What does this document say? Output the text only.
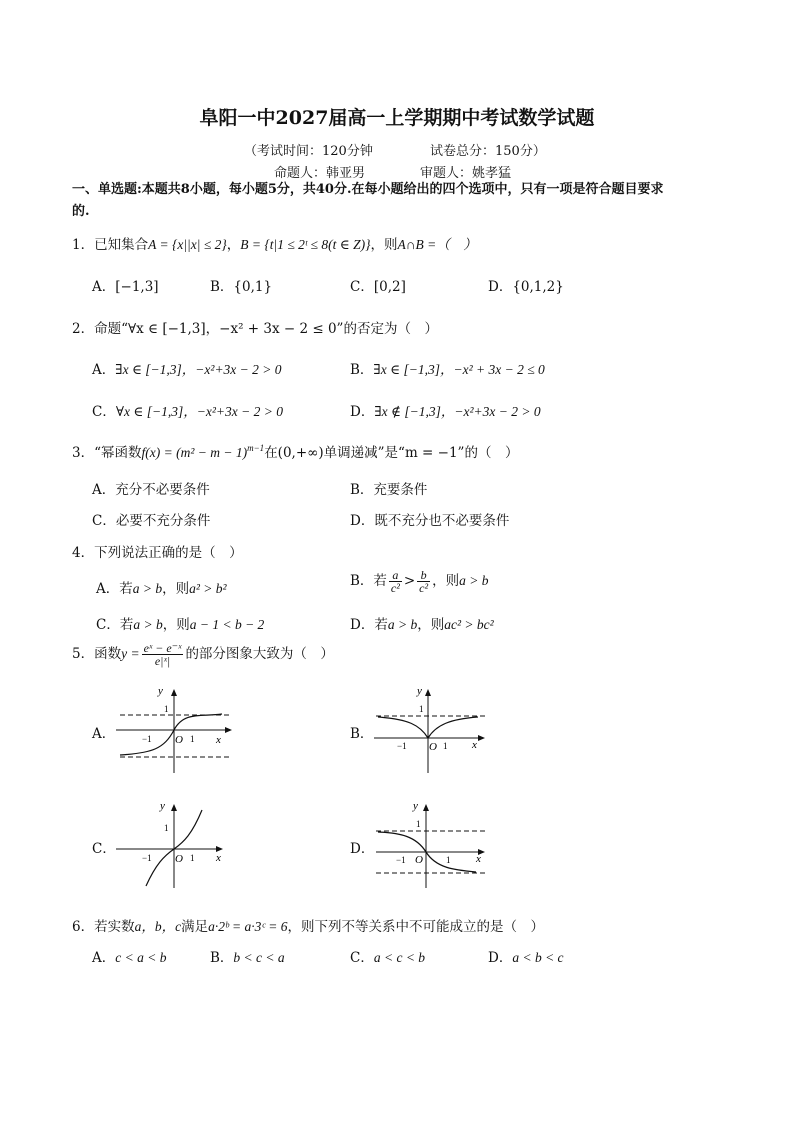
阜阳一中2027届高一上学期期中考试数学试题
（考试时间：120分钟	试卷总分：150分）
命题人：韩亚男	审题人：姚孝猛
一、单选题:本题共8小题，每小题5分，共40分.在每小题给出的四个选项中，只有一项是符合题目要求
的.
1．已知集合A = {x||x| ≤ 2}，B = {t|1 ≤ 2ᵗ ≤ 8(t ∈ Z)}，则A∩B =（　）
A．[−1,3]	B．{0,1}	C．[0,2]	D．{0,1,2}
2．命题“∀x ∈ [−1,3]，−x² + 3x − 2 ≤ 0”的否定为（　）
A．∃x ∈ [−1,3]，−x²+3x − 2 > 0	B．∃x ∈ [−1,3]，−x² + 3x − 2 ≤ 0
C．∀x ∈ [−1,3]，−x²+3x − 2 > 0	D．∃x ∉ [−1,3]，−x²+3x − 2 > 0
3．“幂函数$f(x) = (m^2 - m - 1)^{m-1}$在(0,+∞)单调递减”是“m = −1”的（　）
A．充分不必要条件	B．充要条件
C．必要不充分条件	D．既不充分也不必要条件
4．下列说法正确的是（　）
A．若a > b，则a² > b²	B．若 $\frac{a}{\text{c²}} > \frac{b}{\text{c²}}$ ，则a > b
C．若a > b，则a − 1 < b − 2	D．若a > b，则ac² > bc²
5．函数$y = \frac{\text{eˣ − e⁻ˣ}}{\text{e|ˣ|}}$ 的部分图象大致为（　）
A．	B．
C．	D．
y
1
−1 O 1 x
y
1
−1 O 1 x
y
1
−1 O 1 x
y
1
−1 O	1 x
6．若实数a，b，c满足a·2ᵇ = a·3ᶜ = 6，则下列不等关系中不可能成立的是（　）
A．c < a < b	B．b < c < a	C．a < c < b	D．a < b < c
